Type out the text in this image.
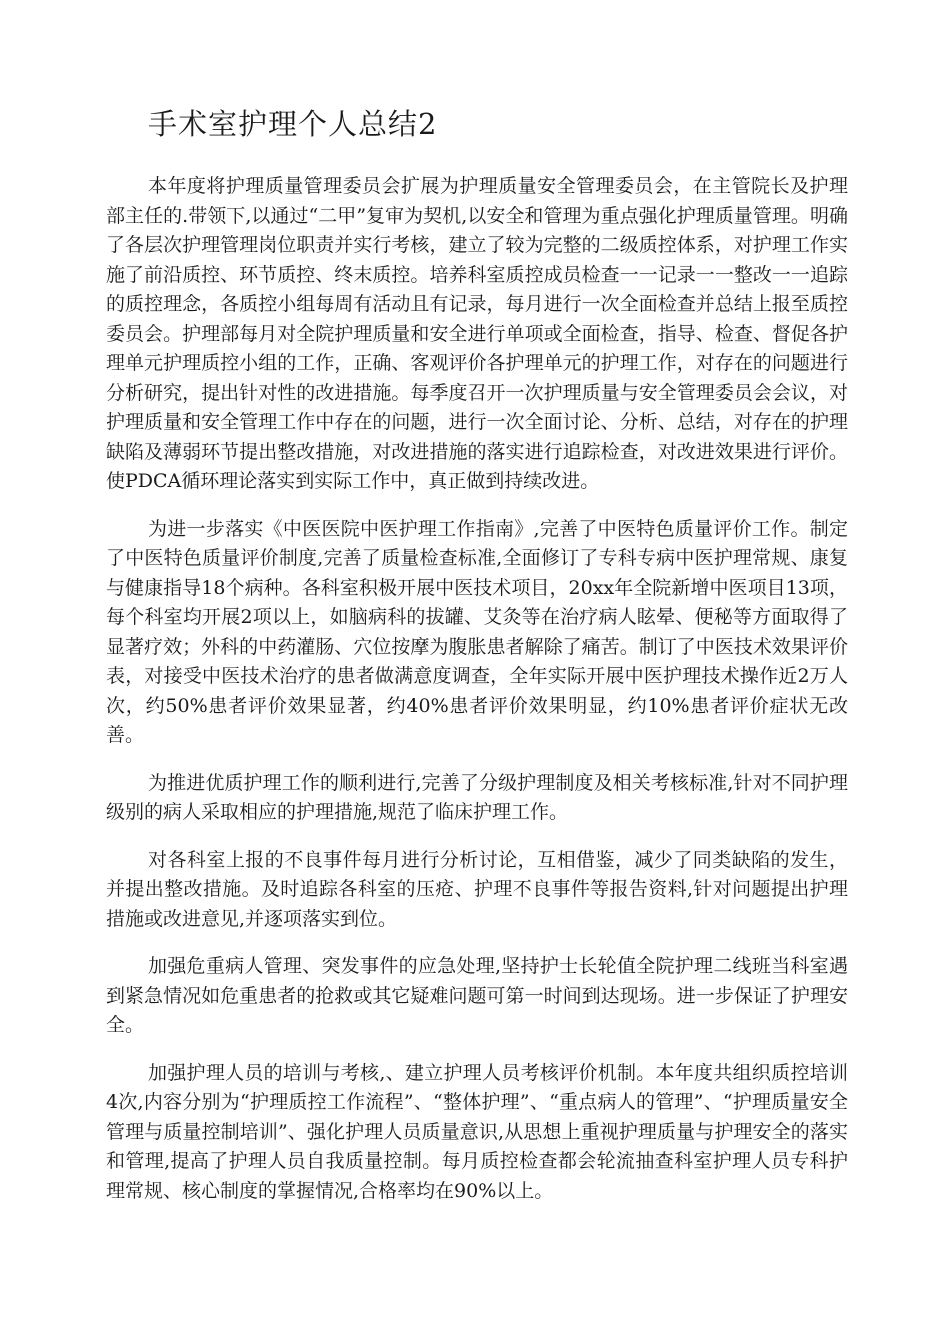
手术室护理个人总结2

本年度将护理质量管理委员会扩展为护理质量安全管理委员会，在主管院长及护理部主任的.带领下,以通过“二甲”复审为契机,以安全和管理为重点强化护理质量管理。明确了各层次护理管理岗位职责并实行考核，建立了较为完整的二级质控体系，对护理工作实施了前沿质控、环节质控、终末质控。培养科室质控成员检查一一记录一一整改一一追踪的质控理念，各质控小组每周有活动且有记录，每月进行一次全面检查并总结上报至质控委员会。护理部每月对全院护理质量和安全进行单项或全面检查，指导、检查、督促各护理单元护理质控小组的工作，正确、客观评价各护理单元的护理工作，对存在的问题进行分析研究，提出针对性的改进措施。每季度召开一次护理质量与安全管理委员会会议，对护理质量和安全管理工作中存在的问题，进行一次全面讨论、分析、总结，对存在的护理缺陷及薄弱环节提出整改措施，对改进措施的落实进行追踪检查，对改进效果进行评价。使PDCA循环理论落实到实际工作中，真正做到持续改进。

为进一步落实《中医医院中医护理工作指南》,完善了中医特色质量评价工作。制定了中医特色质量评价制度,完善了质量检查标准,全面修订了专科专病中医护理常规、康复与健康指导18个病种。各科室积极开展中医技术项目，20xx年全院新增中医项目13项，每个科室均开展2项以上，如脑病科的拔罐、艾灸等在治疗病人眩晕、便秘等方面取得了显著疗效；外科的中药灌肠、穴位按摩为腹胀患者解除了痛苦。制订了中医技术效果评价表，对接受中医技术治疗的患者做满意度调查，全年实际开展中医护理技术操作近2万人次，约50%患者评价效果显著，约40%患者评价效果明显，约10%患者评价症状无改善。

为推进优质护理工作的顺利进行,完善了分级护理制度及相关考核标准,针对不同护理级别的病人采取相应的护理措施,规范了临床护理工作。

对各科室上报的不良事件每月进行分析讨论，互相借鉴，减少了同类缺陷的发生，并提出整改措施。及时追踪各科室的压疮、护理不良事件等报告资料,针对问题提出护理措施或改进意见,并逐项落实到位。

加强危重病人管理、突发事件的应急处理,坚持护士长轮值全院护理二线班当科室遇到紧急情况如危重患者的抢救或其它疑难问题可第一时间到达现场。进一步保证了护理安全。

加强护理人员的培训与考核,、建立护理人员考核评价机制。本年度共组织质控培训4次,内容分别为“护理质控工作流程”、“整体护理”、“重点病人的管理”、“护理质量安全管理与质量控制培训”、强化护理人员质量意识,从思想上重视护理质量与护理安全的落实和管理,提高了护理人员自我质量控制。每月质控检查都会轮流抽查科室护理人员专科护理常规、核心制度的掌握情况,合格率均在90%以上。
